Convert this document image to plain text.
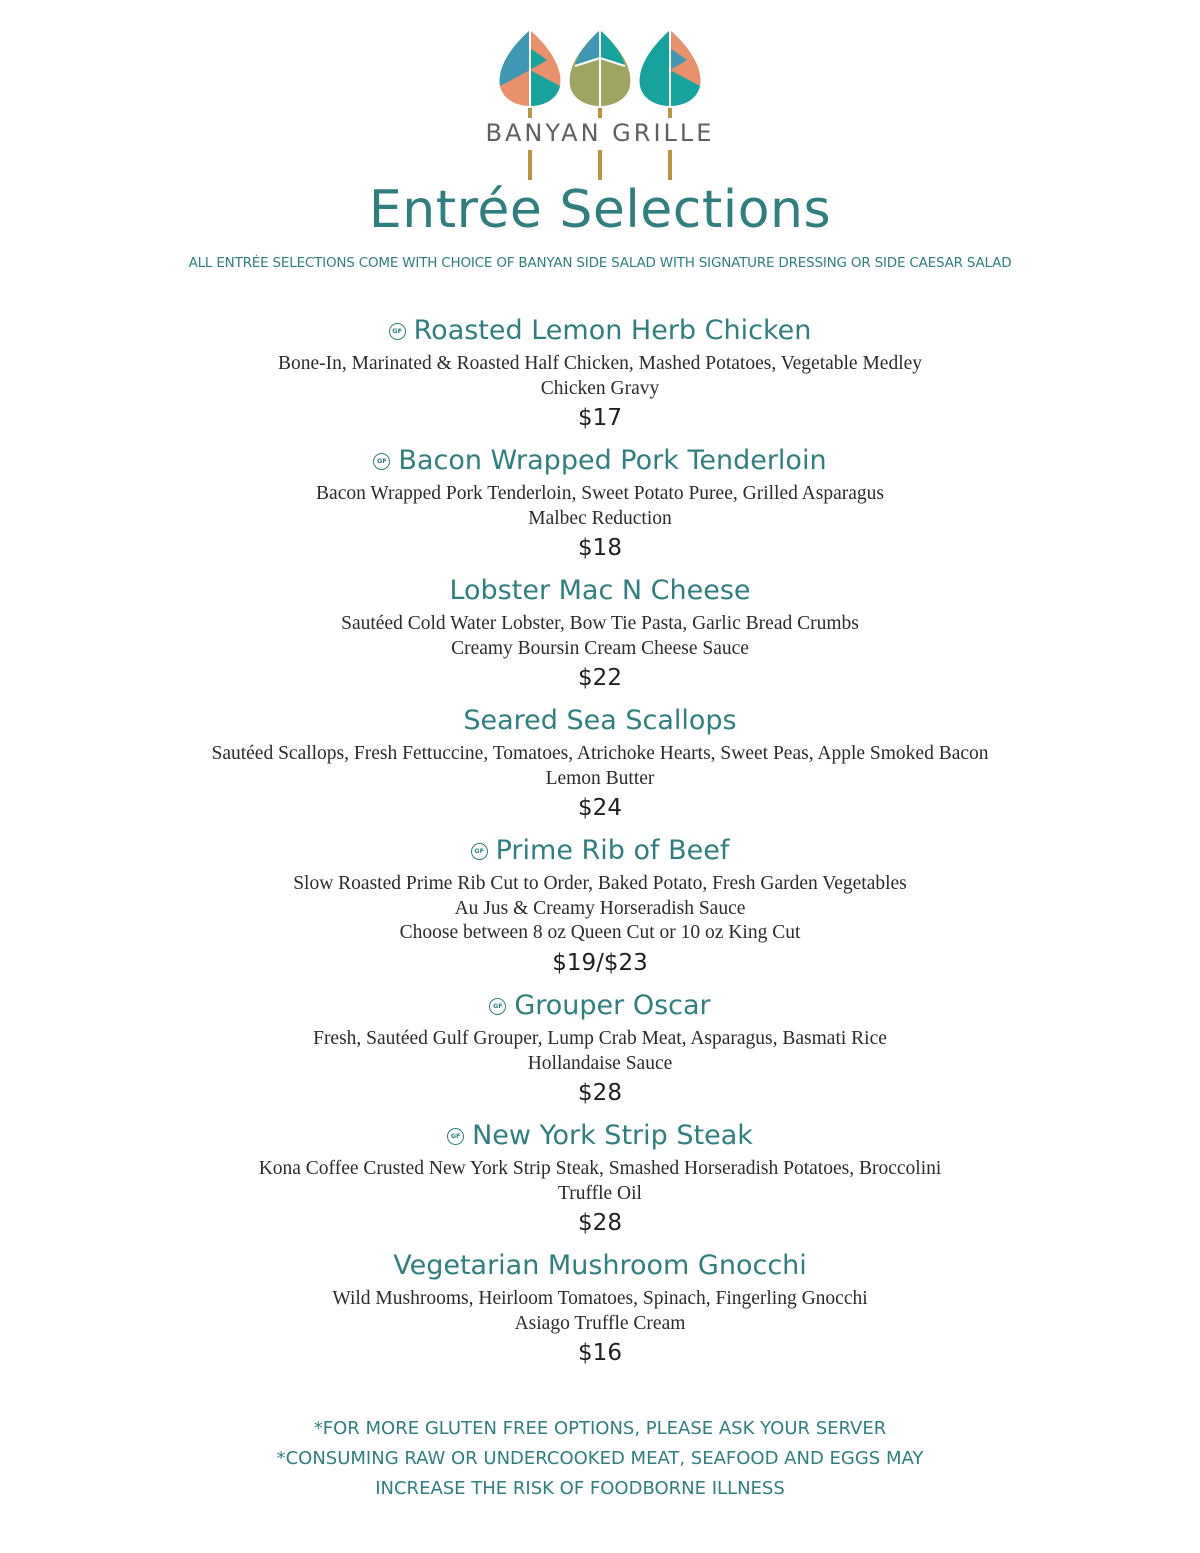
BANYAN GRILLE
Entrée Selections
ALL ENTRÉE SELECTIONS COME WITH CHOICE OF BANYAN SIDE SALAD WITH SIGNATURE DRESSING OR SIDE CAESAR SALAD
GF Roasted Lemon Herb Chicken
Bone-In, Marinated & Roasted Half Chicken, Mashed Potatoes, Vegetable Medley
Chicken Gravy
$17
GF Bacon Wrapped Pork Tenderloin
Bacon Wrapped Pork Tenderloin, Sweet Potato Puree, Grilled Asparagus
Malbec Reduction
$18
Lobster Mac N Cheese
Sautéed Cold Water Lobster, Bow Tie Pasta, Garlic Bread Crumbs
Creamy Boursin Cream Cheese Sauce
$22
Seared Sea Scallops
Sautéed Scallops, Fresh Fettuccine, Tomatoes, Atrichoke Hearts, Sweet Peas, Apple Smoked Bacon
Lemon Butter
$24
GF Prime Rib of Beef
Slow Roasted Prime Rib Cut to Order, Baked Potato, Fresh Garden Vegetables
Au Jus & Creamy Horseradish Sauce
Choose between 8 oz Queen Cut or 10 oz King Cut
$19/$23
GF Grouper Oscar
Fresh, Sautéed Gulf Grouper, Lump Crab Meat, Asparagus, Basmati Rice
Hollandaise Sauce
$28
GF New York Strip Steak
Kona Coffee Crusted New York Strip Steak, Smashed Horseradish Potatoes, Broccolini
Truffle Oil
$28
Vegetarian Mushroom Gnocchi
Wild Mushrooms, Heirloom Tomatoes, Spinach, Fingerling Gnocchi
Asiago Truffle Cream
$16
*FOR MORE GLUTEN FREE OPTIONS, PLEASE ASK YOUR SERVER
*CONSUMING RAW OR UNDERCOOKED MEAT, SEAFOOD AND EGGS MAY
INCREASE THE RISK OF FOODBORNE ILLNESS
